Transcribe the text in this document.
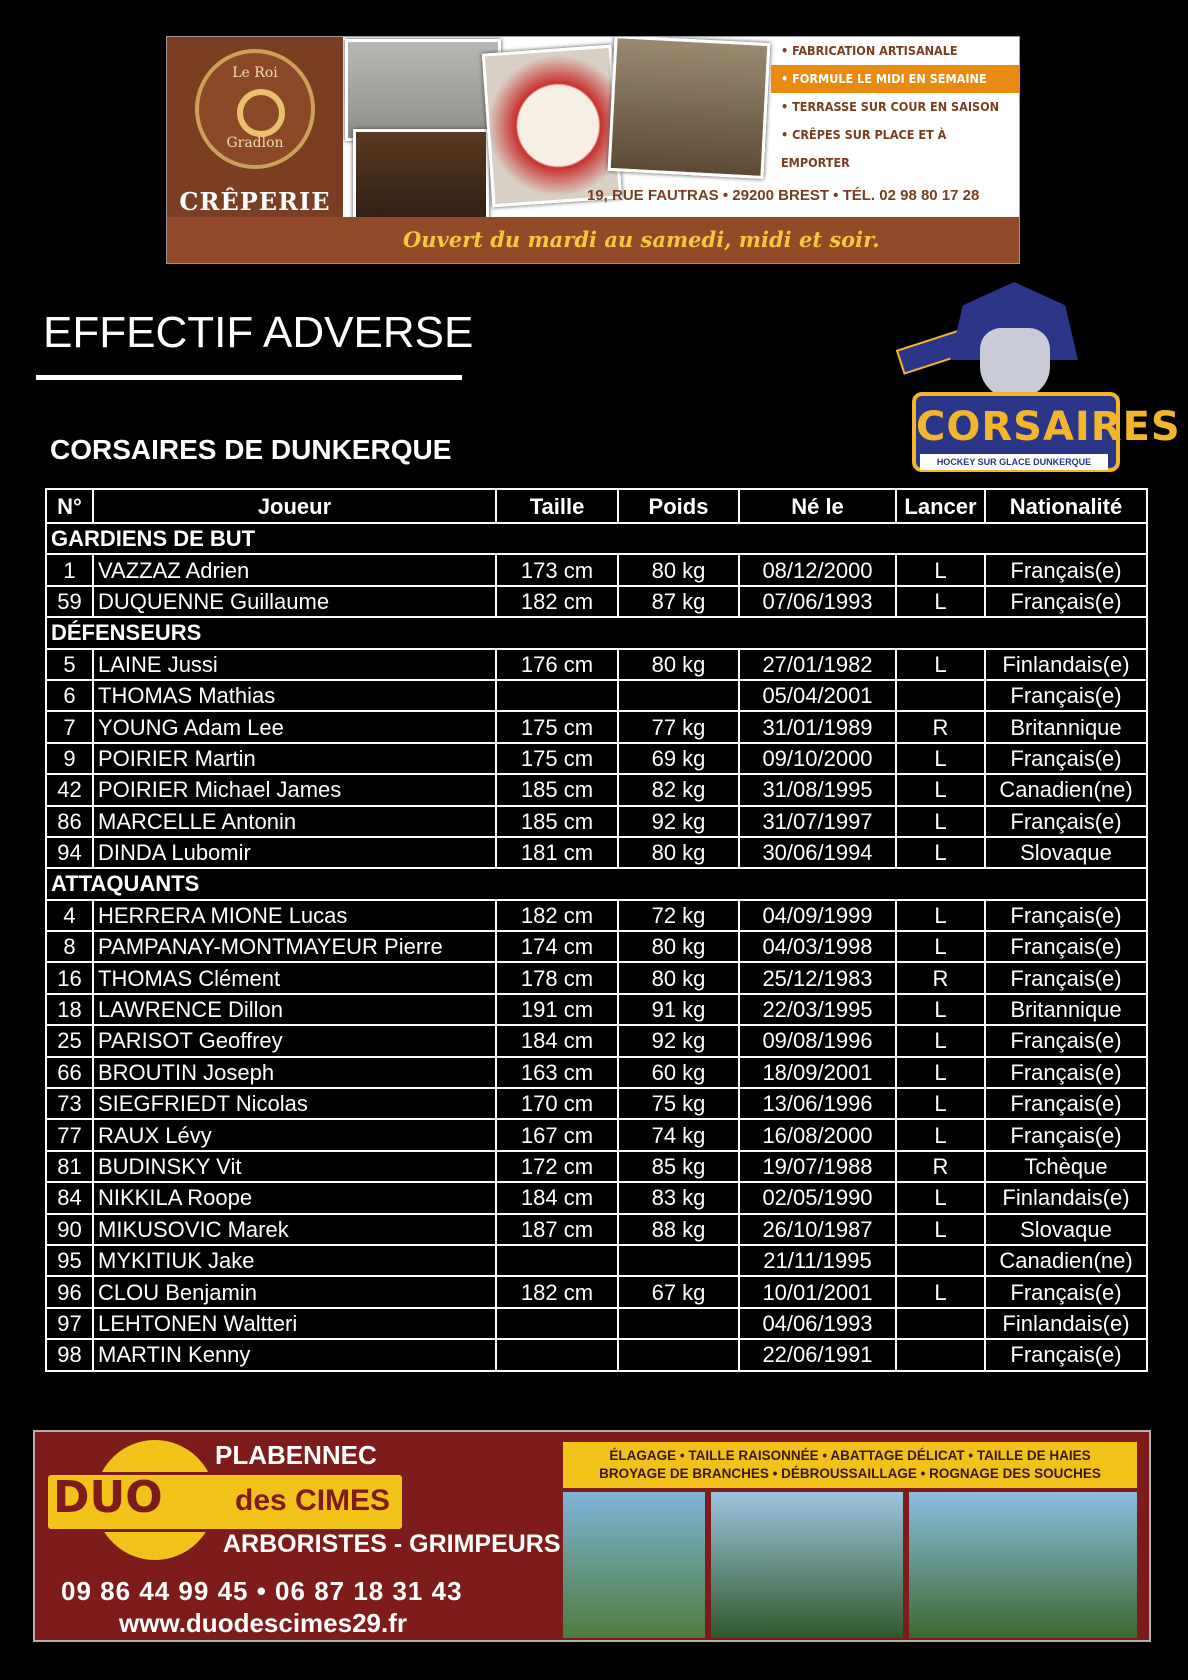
Le Roi
Gradlon
CRÊPERIE
• FABRICATION ARTISANALE
• FORMULE LE MIDI EN SEMAINE
• TERRASSE SUR COUR EN SAISON
• CRÊPES SUR PLACE ET À EMPORTER
19, RUE FAUTRAS • 29200 BREST • TÉL. 02 98 80 17 28
Ouvert du mardi au samedi, midi et soir.
EFFECTIF ADVERSE
CORSAIRES DE DUNKERQUE	CORSAIRES
HOCKEY SUR GLACE DUNKERQUE
N°	Joueur	Taille	Poids	Né le	Lancer	Nationalité
GARDIENS DE BUT						
1	VAZZAZ Adrien	173 cm	80 kg	08/12/2000	L	Français(e)
59	DUQUENNE Guillaume	182 cm	87 kg	07/06/1993	L	Français(e)
DÉFENSEURS						
5	LAINE Jussi	176 cm	80 kg	27/01/1982	L	Finlandais(e)
6	THOMAS Mathias			05/04/2001		Français(e)
7	YOUNG Adam Lee	175 cm	77 kg	31/01/1989	R	Britannique
9	POIRIER Martin	175 cm	69 kg	09/10/2000	L	Français(e)
42	POIRIER Michael James	185 cm	82 kg	31/08/1995	L	Canadien(ne)
86	MARCELLE Antonin	185 cm	92 kg	31/07/1997	L	Français(e)
94	DINDA Lubomir	181 cm	80 kg	30/06/1994	L	Slovaque
ATTAQUANTS						
4	HERRERA MIONE Lucas	182 cm	72 kg	04/09/1999	L	Français(e)
8	PAMPANAY-MONTMAYEUR Pierre	174 cm	80 kg	04/03/1998	L	Français(e)
16	THOMAS Clément	178 cm	80 kg	25/12/1983	R	Français(e)
18	LAWRENCE Dillon	191 cm	91 kg	22/03/1995	L	Britannique
25	PARISOT Geoffrey	184 cm	92 kg	09/08/1996	L	Français(e)
66	BROUTIN Joseph	163 cm	60 kg	18/09/2001	L	Français(e)
73	SIEGFRIEDT Nicolas	170 cm	75 kg	13/06/1996	L	Français(e)
77	RAUX Lévy	167 cm	74 kg	16/08/2000	L	Français(e)
81	BUDINSKY Vit	172 cm	85 kg	19/07/1988	R	Tchèque
84	NIKKILA Roope	184 cm	83 kg	02/05/1990	L	Finlandais(e)
90	MIKUSOVIC Marek	187 cm	88 kg	26/10/1987	L	Slovaque
95	MYKITIUK Jake			21/11/1995		Canadien(ne)
96	CLOU Benjamin	182 cm	67 kg	10/01/2001	L	Français(e)
97	LEHTONEN Waltteri			04/06/1993		Finlandais(e)
98	MARTIN Kenny			22/06/1991		Français(e)
DUO des CIMES
PLABENNEC
ARBORISTES - GRIMPEURS
09 86 44 99 45 • 06 87 18 31 43
www.duodescimes29.fr
ÉLAGAGE • TAILLE RAISONNÉE • ABATTAGE DÉLICAT • TAILLE DE HAIES
BROYAGE DE BRANCHES • DÉBROUSSAILLAGE • ROGNAGE DES SOUCHES
